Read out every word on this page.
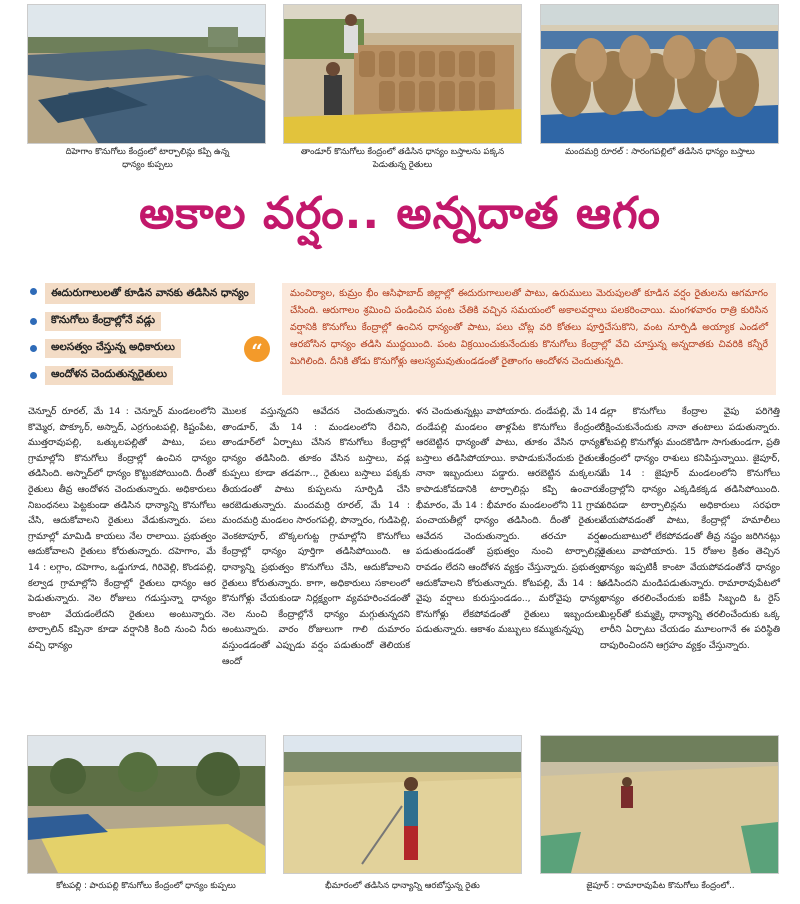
దిహెగాం కొనుగోలు కేంద్రంలో టార్పాలిన్లు కప్పి ఉన్న ధాన్యం కుప్పలు
తాండూర్ కొనుగోలు కేంద్రంలో తడిసిన ధాన్యం బస్తాలను పక్కన పెడుతున్న రైతులు
మందమర్రి రూరల్ : సారంగపల్లిలో తడిసిన ధాన్యం బస్తాలు
అకాల వర్షం.. అన్నదాత ఆగం
ఈదురుగాలులతో కూడిన వానకు తడిసిన ధాన్యం
కొనుగోలు కేంద్రాల్లోనే వడ్లు
అలసత్వం చేస్తున్న అధికారులు
ఆందోళన చెందుతున్నరైతులు
“
మంచిర్యాల, కుమ్రం భీం ఆసిఫాబాద్ జిల్లాల్లో ఈదురుగాలులతో పాటు, ఉరుములు మెరుపులతో కూడిన వర్షం రైతులను ఆగమాగం చేసింది. ఆరుగాలం శ్రమించి పండించిన పంట చేతికి వచ్చిన సమయంలో అకాలవర్షాలు పలకరించాయి. మంగళవారం రాత్రి కురిసిన వర్షానికి కొనుగోలు కేంద్రాల్లో ఉంచిన ధాన్యంతో పాటు, పలు చోట్ల వరి కోతలు పూర్తిచేసుకొని, వంట నూర్పిడి అయ్యాక ఎండలో ఆరబోసిన ధాన్యం తడిసి ముద్దయింది. పంట విక్రయించుకునేందుకు కొనుగోలు కేంద్రాల్లో వేచి చూస్తున్న అన్నదాతకు చివరికి కన్నీరే మిగిలింది. దీనికి తోడు కొనుగోళ్లు ఆలస్యమవుతుండడంతో రైతాంగం ఆందోళన చెందుతున్నది.
చెన్నూర్ రూరల్, మే 14 : చెన్నూర్ మండలంలోని కొమ్మెర, పొక్కూర్, అస్నాద్, ఎర్రగుంటపల్లి, కిష్టంపేట, ముత్తరావుపల్లి, ఒత్కులపల్లితో పాటు, పలు గ్రామాల్లోని కొనుగోలు కేంద్రాల్లో ఉంచిన ధాన్యం తడిసింది. అస్నాద్‌లో ధాన్యం కొట్టుకపోయింది. దీంతో రైతులు తీవ్ర ఆందోళన చెందుతున్నారు. అధికారులు నిబంధనలు పెట్టకుండా తడిసిన ధాన్యాన్ని కొనుగోలు చేసి, ఆదుకోవాలని రైతులు వేడుకున్నారు. పలు గ్రామాల్లో మామిడి కాయలు నేల రాలాయి. ప్రభుత్వం ఆదుకోవాలని రైతులు కోరుతున్నారు. దహెగాం, మే 14 : లగ్గాం, దహెగాం, ఒడ్డుగూడ, గిరివెల్లి, కొండపల్లి, కల్వాడ గ్రామాల్లోని కేంద్రాల్లో రైతులు ధాన్యం ఆర పెడుతున్నారు. నెల రోజులు గడుస్తున్నా ధాన్యం కాంటా వేయడంలేదని రైతులు అంటున్నారు. టార్పాలిన్ కప్పినా కూడా వర్షానికి కింది నుంచి నీరు వచ్చి ధాన్యం
మొలక వస్తున్నదని ఆవేదన చెందుతున్నారు. తాండూర్, మే 14 : మండలంలోని రేచిని, తాండూర్‌లో ఏర్పాటు చేసిన కొనుగోలు కేంద్రాల్లో ధాన్యం తడిసింది. తూకం వేసిన బస్తాలు, వడ్ల కుప్పలు కూడా తడవగా.., రైతులు బస్తాలు పక్కకు తీయడంతో పాటు కుప్పలను సూర్పిడి చేసి ఆరబెడుతున్నారు. మందమర్రి రూరల్, మే 14 : మందమర్రి మండలం సారంగపల్లి, పొన్నారం, గుడిపెల్లి, వెంకటాపూర్, బొక్కలగుట్ట గ్రామాల్లోని కొనుగోలు కేంద్రాల్లో ధాన్యం పూర్తిగా తడిసిపోయింది. ఆ ధాన్యాన్ని ప్రభుత్వం కొనుగోలు చేసి, ఆదుకోవాలని రైతులు కోరుతున్నారు. కాగా, అధికారులు సకాలంలో కొనుగోళ్లు చేయకుండా నిర్లక్ష్యంగా వ్యవహరించడంతో నెల నుంచి కేంద్రాల్లోనే ధాన్యం మగ్గుతున్నదని అంటున్నారు. వారం రోజులుగా గాలి దుమారం వస్తుండడంతో ఎప్పుడు వర్షం పడుతుందో తెలియక ఆందో
ళన చెందుతున్నట్లు వాపోయారు. దండేపల్లి, మే 14 : దండేపల్లి మండలం తాళ్లపేట కొనుగోలు కేంద్రంలో ఆరబెట్టిన ధాన్యంతో పాటు, తూకం వేసిన ధాన్యం బస్తాలు తడిసిపోయాయి. కాపాడుకునేందుకు రైతులు నానా ఇబ్బందులు పడ్డారు. ఆరబెట్టిన మక్కలను కాపాడుకోవడానికి టార్పాలిన్లు కప్పి ఉంచారు. భీమారం, మే 14 : భీమారం మండలంలోని 11 గ్రామ పంచాయతీల్లో ధాన్యం తడిసింది. దీంతో రైతులు ఆవేదన చెందుతున్నారు. తరచూ వర్షం పడుతుండడంతో ప్రభుత్వం నుంచి టార్పాలిన్లు రావడం లేదని ఆందోళన వ్యక్తం చేస్తున్నారు. ప్రభుత్వం ఆదుకోవాలని కోరుతున్నారు. కోటపల్లి, మే 14 : ఓ వైపు వర్షాలు కురుస్తుండడం.., మరోవైపు ధాన్యం కొనుగోళ్లు లేకపోవడంతో రైతులు ఇబ్బందులు పడుతున్నారు. ఆకాశం మబ్బులు కమ్ముకున్నప్పు
డల్లా కొనుగోలు కేంద్రాల వైపు పరిగెత్తి రక్షించుకునేందుకు నానా తంటాలు పడుతున్నారు. కోటపల్లి కొనుగోళ్లు మందకొడిగా సాగుతుండగా, ప్రతి కేంద్రంలో ధాన్యం రాశులు కనిపిస్తున్నాయి. జైపూర్, మే 14 : జైపూర్ మండలంలోని కొనుగోలు కేంద్రాల్లోని ధాన్యం ఎక్కడికక్కడ తడిసిపోయింది. సరిపడా టార్పాలిన్లను అధికారులు సరఫరా చేయపోవడంతో పాటు, కేంద్రాల్లో హమాలీలు అందుబాటులో లేకపోవడంతో తీవ్ర నష్టం జరిగినట్లు రైతులు వాపోయారు. 15 రోజుల క్రితం తెచ్చిన ధాన్యం ఇప్పటికీ కాంటా వేయపోవడంతోనే ధాన్యం తడిసిందని మండిపడుతున్నారు. రామారావుపేటలో ధాన్యం తరలించేందుకు ఐకేపీ సిబ్బంది ఓ రైస్ మిల్లర్‌తో కుమ్మక్కై ధాన్యాన్ని తరలించేందుకు ఒక్క లారీని ఏర్పాటు చేయడం మూలంగానే ఈ పరిస్థితి దాపురించిందని ఆగ్రహం వ్యక్తం చేస్తున్నారు.
కోటపల్లి : పారుపల్లి కొనుగోలు కేంద్రంలో ధాన్యం కుప్పలు	భీమారంలో తడిసిన ధాన్యాన్ని ఆరబోస్తున్న రైతు	జైపూర్ : రామారావుపేట కొనుగోలు కేంద్రంలో..
